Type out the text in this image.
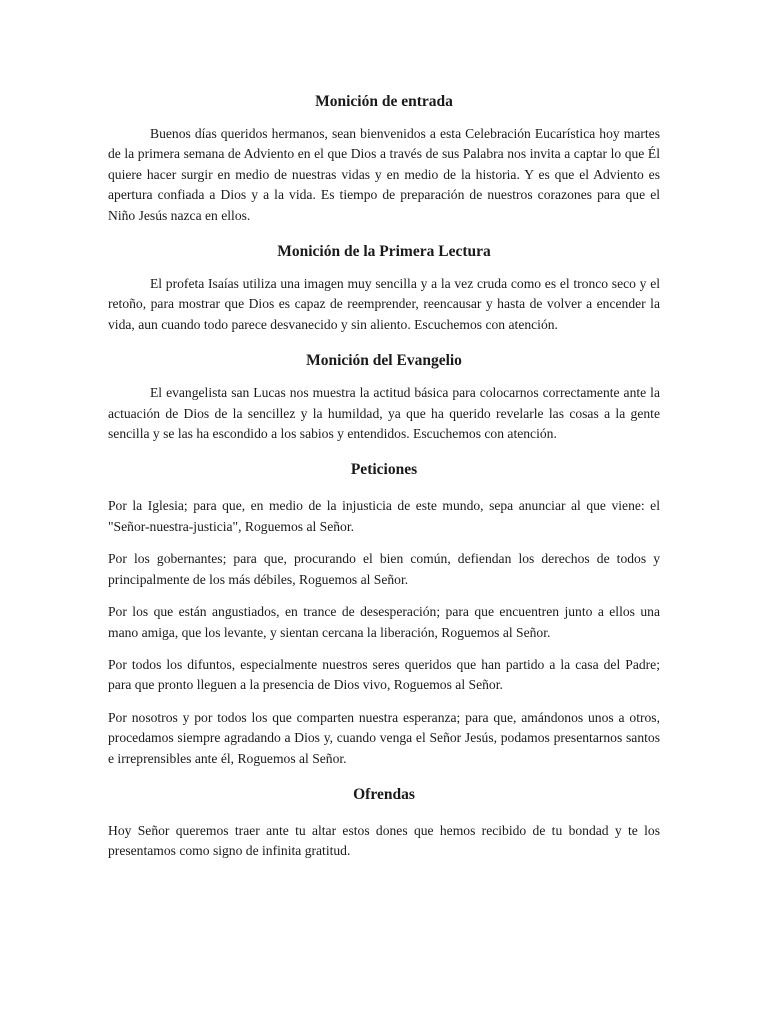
Monición de entrada

Buenos días queridos hermanos, sean bienvenidos a esta Celebración Eucarística hoy martes de la primera semana de Adviento en el que Dios a través de sus Palabra nos invita a captar lo que Él quiere hacer surgir en medio de nuestras vidas y en medio de la historia. Y es que el Adviento es apertura confiada a Dios y a la vida. Es tiempo de preparación de nuestros corazones para que el Niño Jesús nazca en ellos.

Monición de la Primera Lectura

El profeta Isaías utiliza una imagen muy sencilla y a la vez cruda como es el tronco seco y el retoño, para mostrar que Dios es capaz de reemprender, reencausar y hasta de volver a encender la vida, aun cuando todo parece desvanecido y sin aliento. Escuchemos con atención.

Monición del Evangelio

El evangelista san Lucas nos muestra la actitud básica para colocarnos correctamente ante la actuación de Dios de la sencillez y la humildad, ya que ha querido revelarle las cosas a la gente sencilla y se las ha escondido a los sabios y entendidos. Escuchemos con atención.

Peticiones

Por la Iglesia; para que, en medio de la injusticia de este mundo, sepa anunciar al que viene: el "Señor-nuestra-justicia", Roguemos al Señor.

Por los gobernantes; para que, procurando el bien común, defiendan los derechos de todos y principalmente de los más débiles, Roguemos al Señor.

Por los que están angustiados, en trance de desesperación; para que encuentren junto a ellos una mano amiga, que los levante, y sientan cercana la liberación, Roguemos al Señor.

Por todos los difuntos, especialmente nuestros seres queridos que han partido a la casa del Padre; para que pronto lleguen a la presencia de Dios vivo, Roguemos al Señor.

Por nosotros y por todos los que comparten nuestra esperanza; para que, amándonos unos a otros, procedamos siempre agradando a Dios y, cuando venga el Señor Jesús, podamos presentarnos santos e irreprensibles ante él, Roguemos al Señor.

Ofrendas

Hoy Señor queremos traer ante tu altar estos dones que hemos recibido de tu bondad y te los presentamos como signo de infinita gratitud.
